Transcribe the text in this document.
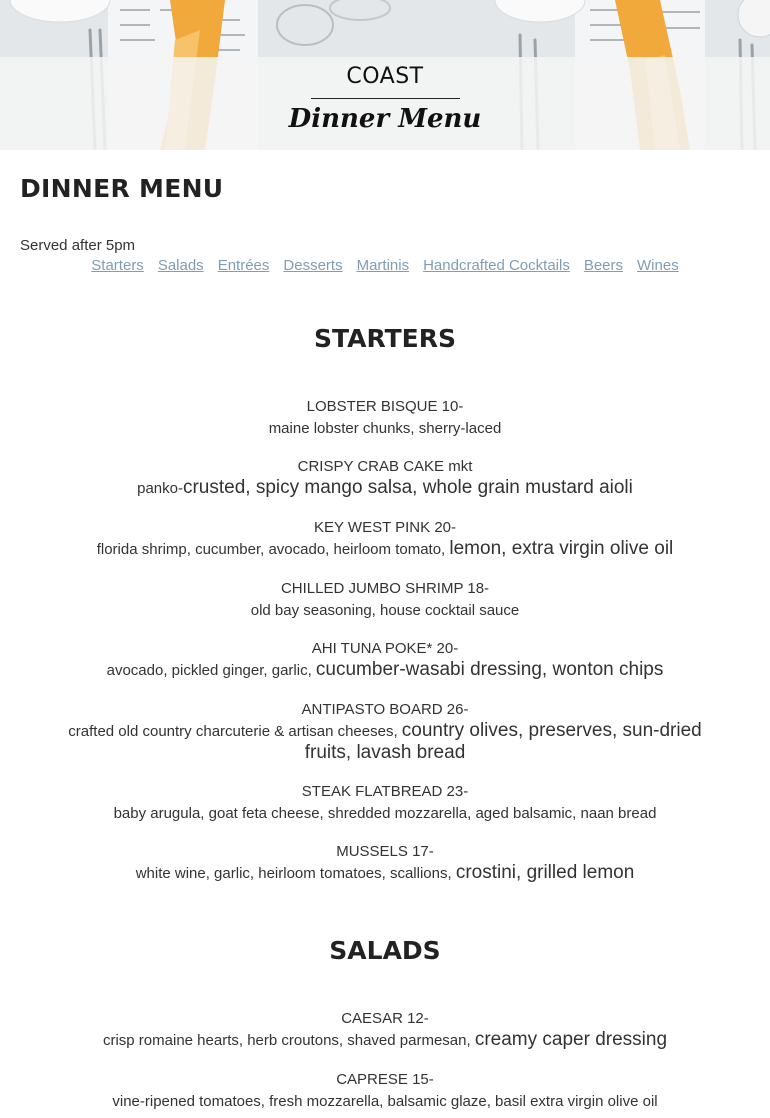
COAST
Dinner Menu
DINNER MENU
Served after 5pm
Starters Salads Entrées Desserts Martinis Handcrafted Cocktails Beers Wines
STARTERS
LOBSTER BISQUE 10-
maine lobster chunks, sherry-laced
CRISPY CRAB CAKE mkt
panko-crusted, spicy mango salsa, whole grain mustard aioli
KEY WEST PINK 20-
florida shrimp, cucumber, avocado, heirloom tomato, lemon, extra virgin olive oil
CHILLED JUMBO SHRIMP 18-
old bay seasoning, house cocktail sauce
AHI TUNA POKE* 20-
avocado, pickled ginger, garlic, cucumber-wasabi dressing, wonton chips
ANTIPASTO BOARD 26-
crafted old country charcuterie & artisan cheeses, country olives, preserves, sun-dried fruits, lavash bread
STEAK FLATBREAD 23-
baby arugula, goat feta cheese, shredded mozzarella, aged balsamic, naan bread
MUSSELS 17-
white wine, garlic, heirloom tomatoes, scallions, crostini, grilled lemon
SALADS
CAESAR 12-
crisp romaine hearts, herb croutons, shaved parmesan, creamy caper dressing
CAPRESE 15-
vine-ripened tomatoes, fresh mozzarella, balsamic glaze, basil extra virgin olive oil
